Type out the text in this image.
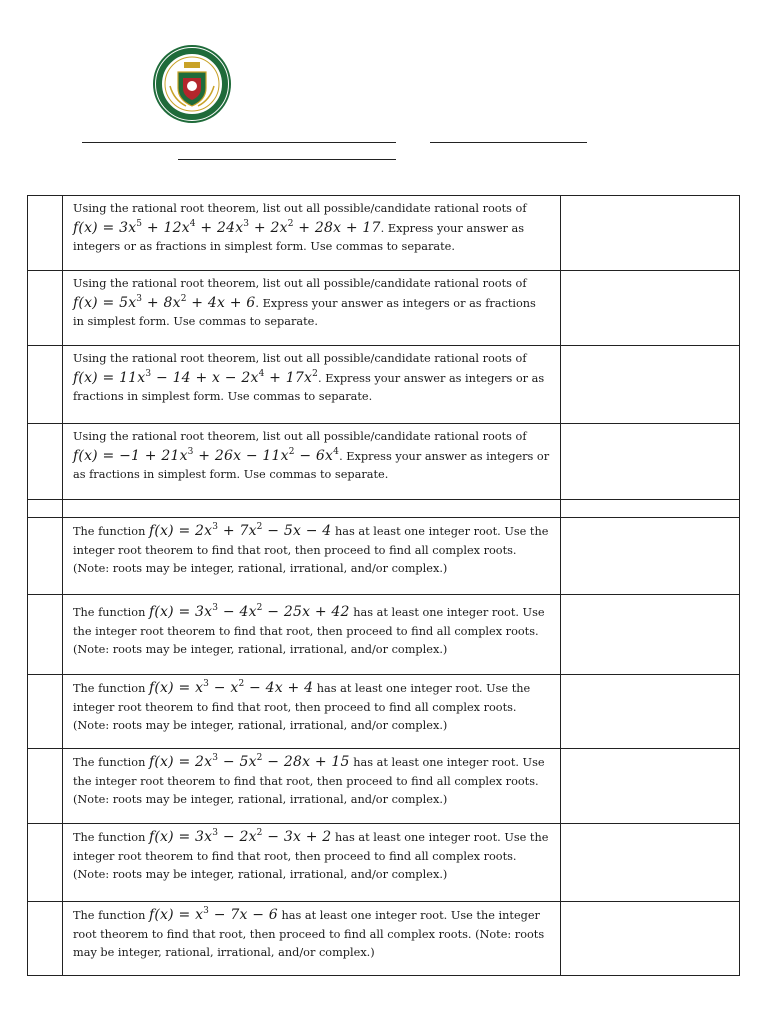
	Using the rational root theorem, list out all possible/candidate rational roots of
$f(x) = 3x^5 + 12x^4 + 24x^3 + 2x^2 + 28x + 17$. Express your answer as integers or as fractions in simplest form. Use commas to separate.	

	Using the rational root theorem, list out all possible/candidate rational roots of
$f(x) = 5x^3 + 8x^2 + 4x + 6$. Express your answer as integers or as fractions in simplest form. Use commas to separate.	

	Using the rational root theorem, list out all possible/candidate rational roots of
$f(x) = 11x^3 - 14 + x - 2x^4 + 17x^2$. Express your answer as integers or as fractions in simplest form. Use commas to separate.	

	Using the rational root theorem, list out all possible/candidate rational roots of
$f(x) = -1 + 21x^3 + 26x - 11x^2 - 6x^4$. Express your answer as integers or as fractions in simplest form. Use commas to separate.	

	The function $f(x) = 2x^3 + 7x^2 - 5x - 4$ has at least one integer root. Use the integer root theorem to find that root, then proceed to find all complex roots. (Note: roots may be integer, rational, irrational, and/or complex.)	

	The function $f(x) = 3x^3 - 4x^2 - 25x + 42$ has at least one integer root. Use the integer root theorem to find that root, then proceed to find all complex roots. (Note: roots may be integer, rational, irrational, and/or complex.)	

	The function $f(x) = x^3 - x^2 - 4x + 4$ has at least one integer root. Use the integer root theorem to find that root, then proceed to find all complex roots. (Note: roots may be integer, rational, irrational, and/or complex.)	

	The function $f(x) = 2x^3 - 5x^2 - 28x + 15$ has at least one integer root. Use the integer root theorem to find that root, then proceed to find all complex roots. (Note: roots may be integer, rational, irrational, and/or complex.)	

	The function $f(x) = 3x^3 - 2x^2 - 3x + 2$ has at least one integer root. Use the integer root theorem to find that root, then proceed to find all complex roots. (Note: roots may be integer, rational, irrational, and/or complex.)	

	The function $f(x) = x^3 - 7x - 6$ has at least one integer root. Use the integer root theorem to find that root, then proceed to find all complex roots. (Note: roots may be integer, rational, irrational, and/or complex.)	
